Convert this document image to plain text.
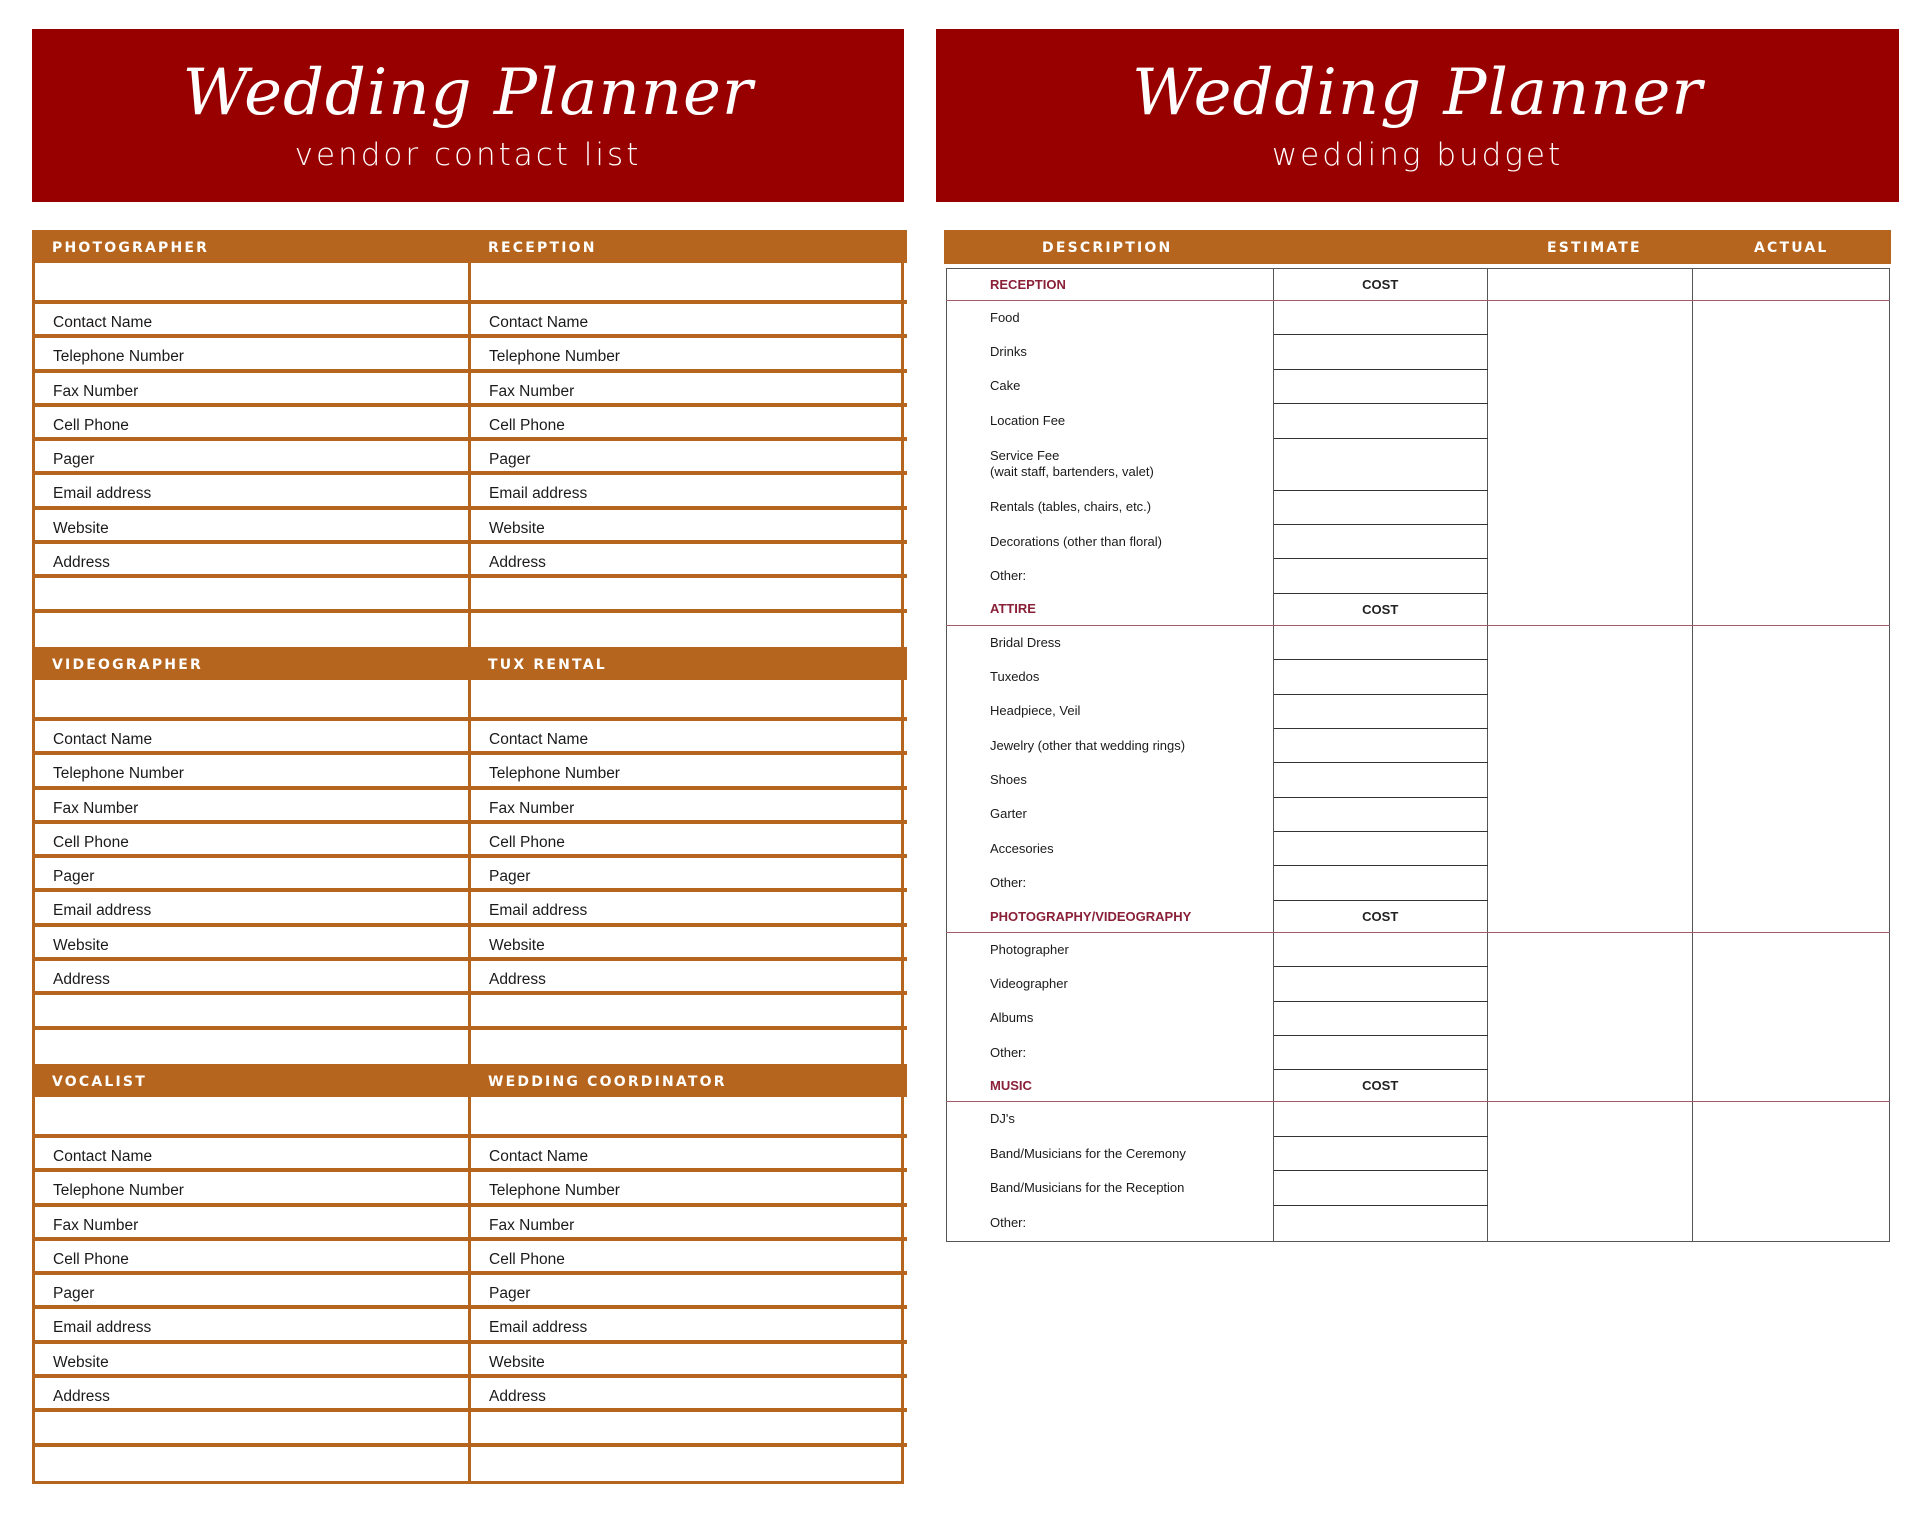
Wedding Planner
vendor contact list
Wedding Planner
wedding budget
PHOTOGRAPHER
Contact Name
Telephone Number
Fax Number
Cell Phone
Pager
Email address
Website
Address
RECEPTION
Contact Name
Telephone Number
Fax Number
Cell Phone
Pager
Email address
Website
Address
VIDEOGRAPHER
Contact Name
Telephone Number
Fax Number
Cell Phone
Pager
Email address
Website
Address
TUX RENTAL
Contact Name
Telephone Number
Fax Number
Cell Phone
Pager
Email address
Website
Address
VOCALIST
Contact Name
Telephone Number
Fax Number
Cell Phone
Pager
Email address
Website
Address
WEDDING COORDINATOR
Contact Name
Telephone Number
Fax Number
Cell Phone
Pager
Email address
Website
Address
DESCRIPTION	ESTIMATE	ACTUAL
RECEPTION	COST		
Food			
Drinks			
Cake			
Location Fee			
Service Fee
(wait staff, bartenders, valet)			
Rentals (tables, chairs, etc.)			
Decorations (other than floral)			
Other:			
ATTIRE	COST		
Bridal Dress			
Tuxedos			
Headpiece, Veil			
Jewelry (other that wedding rings)			
Shoes			
Garter			
Accesories			
Other:			
PHOTOGRAPHY/VIDEOGRAPHY	COST		
Photographer			
Videographer			
Albums			
Other:			
MUSIC	COST		
DJ's			
Band/Musicians for the Ceremony			
Band/Musicians for the Reception			
Other:			
